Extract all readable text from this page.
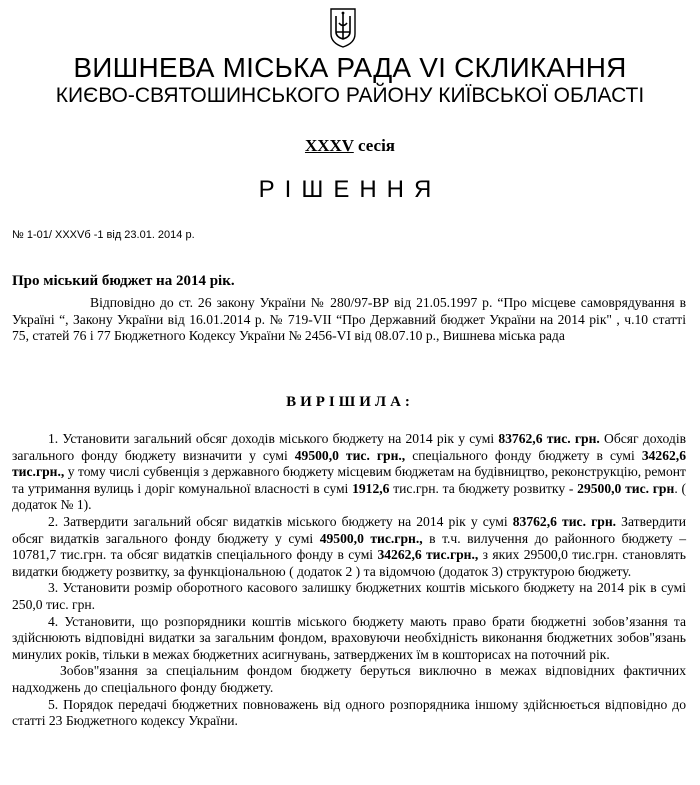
ВИШНЕВА МІСЬКА РАДА VI СКЛИКАННЯ
КИЄВО-СВЯТОШИНСЬКОГО РАЙОНУ КИЇВСЬКОЇ ОБЛАСТІ
XXXV сесія
РІШЕННЯ
№ 1-01/ XXXVб -1 від 23.01. 2014 р.
Про міський бюджет на 2014 рік.
Відповідно до ст. 26 закону України № 280/97-ВР від 21.05.1997 р. “Про місцеве самоврядування в Україні “, Закону України від 16.01.2014 р. № 719-VII “Про Державний бюджет України на 2014 рік" , ч.10 статті 75, статей 76 і 77 Бюджетного Кодексу України № 2456-VI від 08.07.10 р., Вишнева міська рада
ВИРІШИЛА:

1. Установити загальний обсяг доходів міського бюджету на 2014 рік у сумі 83762,6 тис. грн. Обсяг доходів загального фонду бюджету визначити у сумі 49500,0 тис. грн., спеціального фонду бюджету в сумі 34262,6 тис.грн., у тому числі субвенція з державного бюджету місцевим бюджетам на будівництво, реконструкцію, ремонт та утримання вулиць і доріг комунальної власності в сумі 1912,6 тис.грн. та бюджету розвитку - 29500,0 тис. грн. ( додаток № 1).

2. Затвердити загальний обсяг видатків міського бюджету на 2014 рік у сумі 83762,6 тис. грн. Затвердити обсяг видатків загального фонду бюджету у сумі 49500,0 тис.грн., в т.ч. вилучення до районного бюджету – 10781,7 тис.грн. та обсяг видатків спеціального фонду в сумі 34262,6 тис.грн., з яких 29500,0 тис.грн. становлять видатки бюджету розвитку, за функціональною ( додаток 2 ) та відомчою (додаток 3) структурою бюджету.

3. Установити розмір оборотного касового залишку бюджетних коштів міського бюджету на 2014 рік в сумі 250,0 тис. грн.

4. Установити, що розпорядники коштів міського бюджету мають право брати бюджетні зобов’язання та здійснюють відповідні видатки за загальним фондом, враховуючи необхідність виконання бюджетних зобов"язань минулих років, тільки в межах бюджетних асигнувань, затверджених їм в кошторисах на поточний рік.

Зобов"язання за спеціальним фондом бюджету беруться виключно в межах відповідних фактичних надходжень до спеціального фонду бюджету.

5. Порядок передачі бюджетних повноважень від одного розпорядника іншому здійснюється відповідно до статті 23 Бюджетного кодексу України.
